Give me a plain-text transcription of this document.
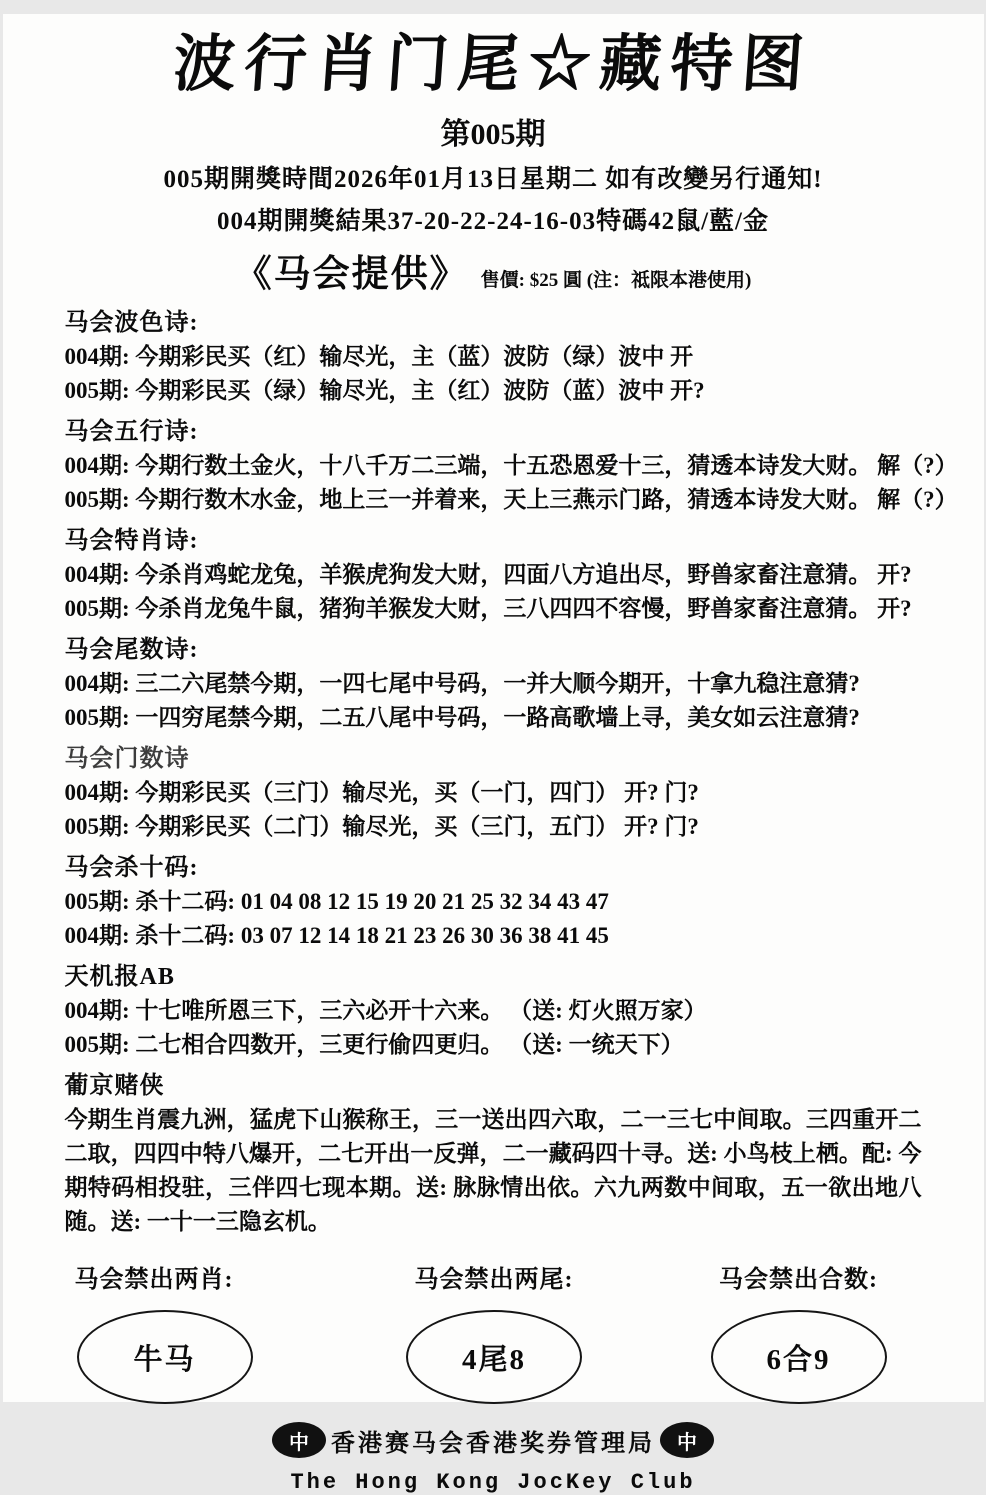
波行肖门尾☆藏特图
第005期
005期開獎時間2026年01月13日星期二 如有改變另行通知!
004期開獎結果37-20-22-24-16-03特碼42鼠/藍/金
《马会提供》 售價: $25 圓 (注：祗限本港使用)
马会波色诗:
004期: 今期彩民买（红）输尽光，主（蓝）波防（绿）波中 开
005期: 今期彩民买（绿）输尽光，主（红）波防（蓝）波中 开?
马会五行诗:
004期: 今期行数土金火，十八千万二三端，十五恐恩爱十三，猜透本诗发大财。 解（?）
005期: 今期行数木水金，地上三一并着来，天上三燕示门路，猜透本诗发大财。 解（?）
马会特肖诗:
004期: 今杀肖鸡蛇龙兔，羊猴虎狗发大财，四面八方追出尽，野兽家畜注意猜。 开?
005期: 今杀肖龙兔牛鼠，猪狗羊猴发大财，三八四四不容慢，野兽家畜注意猜。 开?
马会尾数诗:
004期: 三二六尾禁今期，一四七尾中号码，一并大顺今期开，十拿九稳注意猜?
005期: 一四穷尾禁今期，二五八尾中号码，一路高歌墙上寻，美女如云注意猜?
马会门数诗
004期: 今期彩民买（三门）输尽光，买（一门，四门） 开? 门?
005期: 今期彩民买（二门）输尽光，买（三门，五门） 开? 门?
马会杀十码:
005期: 杀十二码: 01 04 08 12 15 19 20 21 25 32 34 43 47
004期: 杀十二码: 03 07 12 14 18 21 23 26 30 36 38 41 45
天机报AB
004期: 十七唯所恩三下，三六必开十六来。 （送: 灯火照万家）
005期: 二七相合四数开，三更行偷四更归。 （送: 一统天下）
葡京赌侠
今期生肖震九洲，猛虎下山猴称王，三一送出四六取，二一三七中间取。三四重开二二取，四四中特八爆开，二七开出一反弹，二一藏码四十寻。送: 小鸟枝上栖。配: 今期特码相投驻，三伴四七现本期。送: 脉脉情出依。六九两数中间取，五一欲出地八随。送: 一十一三隐玄机。
马会禁出两肖:
牛马
马会禁出两尾:
4尾8
马会禁出合数:
6合9
中 香港赛马会香港奖券管理局	中
The Hong Kong JocKey Club
